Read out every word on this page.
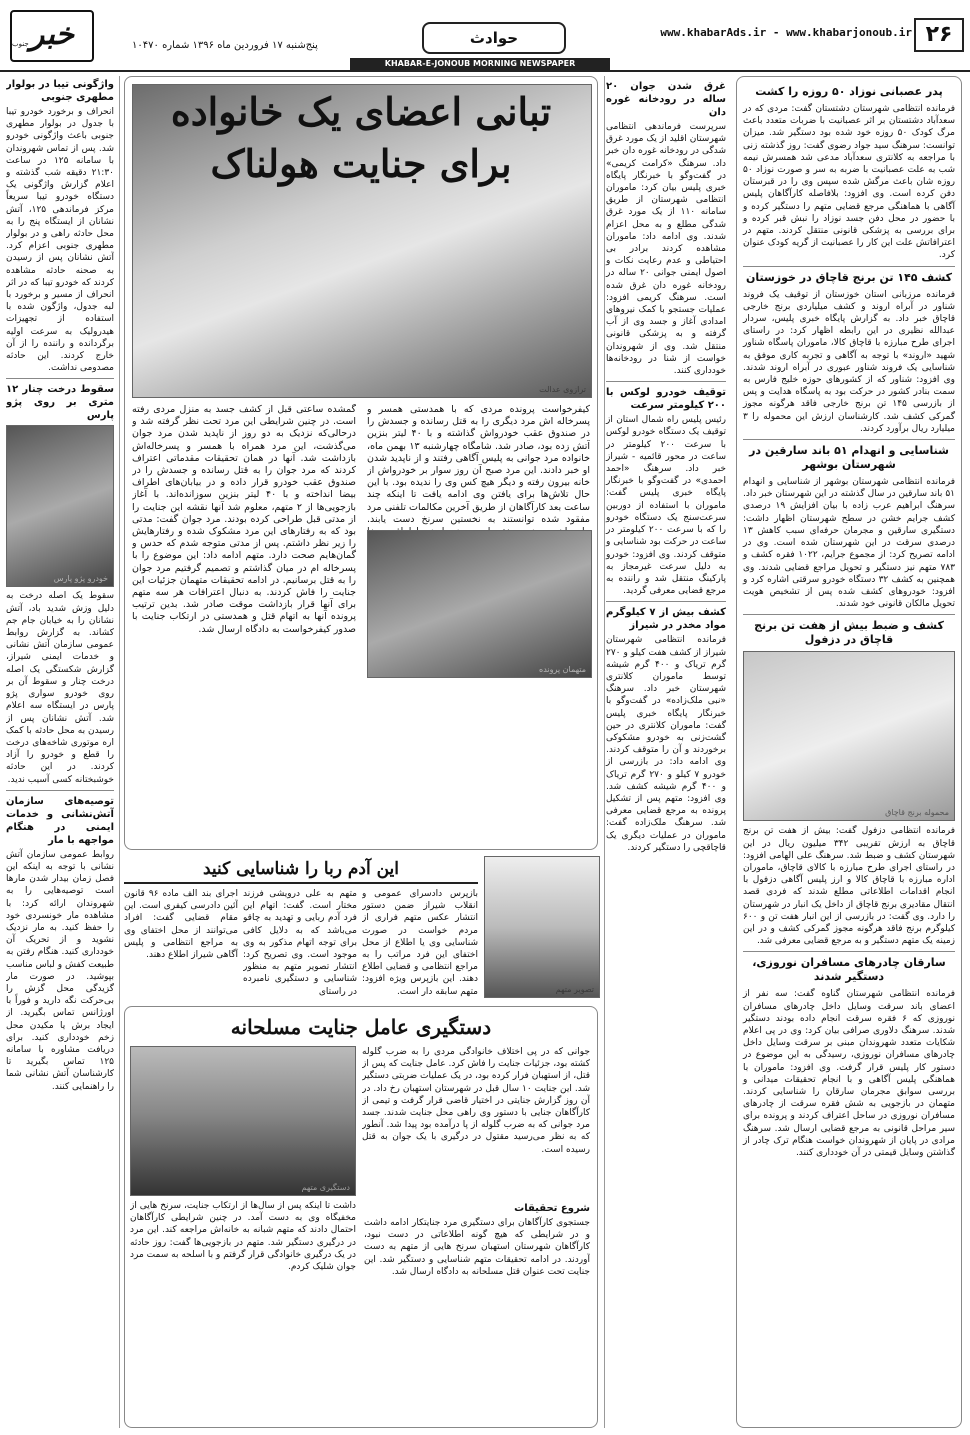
۲۶
www.khabarAds.ir - www.khabarjonoub.ir
حوادث
پنج‌شنبه ۱۷ فروردین ماه ۱۳۹۶ شماره ۱۰۴۷۰
خبر
جنوب
KHABAR-E-JONOUB MORNING NEWSPAPER
پدر عصبانی نوزاد ۵۰ روزه را کشت

فرمانده انتظامی شهرستان دشتستان گفت: مردی که در سعدآباد دشتستان بر اثر عصبانیت با ضربات متعدد باعث مرگ کودک ۵۰ روزه خود شده بود دستگیر شد. میزان توانست: سرهنگ سید جواد رضوی گفت: روز گذشته زنی با مراجعه به کلانتری سعدآباد مدعی شد همسرش نیمه شب به علت عصبانیت با ضربه به سر و صورت نوزاد ۵۰ روزه شان باعث مرگش شده سپس وی را در قبرستان دفن کرده است. وی افزود: بلافاصله کارآگاهان پلیس آگاهی با هماهنگی مرجع قضایی متهم را دستگیر کرده و با حضور در محل دفن جسد نوزاد را نبش قبر کرده و برای بررسی به پزشکی قانونی منتقل کردند. متهم در اعترافاتش علت این کار را عصبانیت از گریه کودک عنوان کرد.

کشف ۱۴۵ تن برنج قاچاق در خوزستان

فرمانده مرزبانی استان خوزستان از توقیف یک فروند شناور در آبراه اروند و کشف میلیاردی برنج خارجی قاچاق خبر داد. به گزارش پایگاه خبری پلیس، سردار عبدالله نظیری در این رابطه اظهار کرد: در راستای اجرای طرح مبارزه با قاچاق کالا، ماموران پاسگاه شناور شهید «اروند» با توجه به آگاهی و تجربه کاری موفق به شناسایی یک فروند شناور عبوری در آبراه اروند شدند. وی افزود: شناور که از کشورهای حوزه خلیج فارس به سمت بنادر کشور در حرکت بود به پاسگاه هدایت و پس از بازرسی ۱۴۵ تن برنج خارجی فاقد هرگونه مجوز گمرکی کشف شد. کارشناسان ارزش این محموله را ۳ میلیارد ریال برآورد کردند.

شناسایی و انهدام ۵۱ باند سارقین در شهرستان بوشهر

فرمانده انتظامی شهرستان بوشهر از شناسایی و انهدام ۵۱ باند سارقین در سال گذشته در این شهرستان خبر داد. سرهنگ ابراهیم عرب زاده با بیان افزایش ۱۹ درصدی کشف جرایم خشن در سطح شهرستان اظهار داشت: دستگیری سارقین و مجرمان حرفه‌ای سبب کاهش ۱۳ درصدی سرقت در این شهرستان شده است. وی در ادامه تصریح کرد: از مجموع جرایم، ۱۰۲۲ فقره کشف و ۷۸۳ متهم نیز دستگیر و تحویل مراجع قضایی شدند. وی همچنین به کشف ۳۲ دستگاه خودرو سرقتی اشاره کرد و افزود: خودروهای کشف شده پس از تشخیص هویت تحویل مالکان قانونی خود شدند.

کشف و ضبط بیش از هفت تن برنج قاچاق در دزفول
محموله برنج قاچاق

فرمانده انتظامی دزفول گفت: بیش از هفت تن برنج قاچاق به ارزش تقریبی ۳۴۲ میلیون ریال در این شهرستان کشف و ضبط شد. سرهنگ علی الهامی افزود: در راستای اجرای طرح مبارزه با کالای قاچاق، ماموران اداره مبارزه با قاچاق کالا و ارز پلیس آگاهی دزفول با انجام اقدامات اطلاعاتی مطلع شدند که فردی قصد انتقال مقادیری برنج قاچاق از داخل یک انبار در شهرستان را دارد. وی گفت: در بازرسی از این انبار هفت تن و ۶۰۰ کیلوگرم برنج فاقد هرگونه مجوز گمرکی کشف و در این زمینه یک متهم دستگیر و به مرجع قضایی معرفی شد.

سارقان چادرهای مسافران نوروزی، دستگیر شدند

فرمانده انتظامی شهرستان گناوه گفت: سه نفر از اعضای باند سرقت وسایل داخل چادرهای مسافران نوروزی که ۶ فقره سرقت انجام داده بودند دستگیر شدند. سرهنگ دلاوری صرافی بیان کرد: وی در پی اعلام شکایات متعدد شهروندان مبنی بر سرقت وسایل داخل چادرهای مسافران نوروزی، رسیدگی به این موضوع در دستور کار پلیس قرار گرفت. وی افزود: ماموران با هماهنگی پلیس آگاهی و با انجام تحقیقات میدانی و بررسی سوابق مجرمان سارقان را شناسایی کردند. متهمان در بازجویی به شش فقره سرقت از چادرهای مسافران نوروزی در ساحل اعتراف کردند و پرونده برای سیر مراحل قانونی به مرجع قضایی ارسال شد. سرهنگ مرادی در پایان از شهروندان خواست هنگام ترک چادر از گذاشتن وسایل قیمتی در آن خودداری کنند.

غرق شدن جوان ۲۰ ساله در رودخانه غوره دان

سرپرست فرماندهی انتظامی شهرستان اقلید از یک مورد غرق شدگی در رودخانه غوره دان خبر داد. سرهنگ «کرامت کریمی» در گفت‌وگو با خبرنگار پایگاه خبری پلیس بیان کرد: ماموران انتظامی شهرستان از طریق سامانه ۱۱۰ از یک مورد غرق شدگی مطلع و به محل اعزام شدند. وی ادامه داد: ماموران مشاهده کردند برادر بی احتیاطی و عدم رعایت نکات و اصول ایمنی جوانی ۲۰ ساله در رودخانه غوره دان غرق شده است. سرهنگ کریمی افزود: عملیات جستجو با کمک نیروهای امدادی آغاز و جسد وی از آب گرفته و به پزشکی قانونی منتقل شد. وی از شهروندان خواست از شنا در رودخانه‌ها خودداری کنند.

توقیف خودرو لوکس با ۲۰۰ کیلومتر سرعت

رئیس پلیس راه شمال استان از توقیف یک دستگاه خودرو لوکس با سرعت ۲۰۰ کیلومتر در ساعت در محور قائمیه - شیراز خبر داد. سرهنگ «احمد احمدی» در گفت‌وگو با خبرنگار پایگاه خبری پلیس گفت: ماموران با استفاده از دوربین سرعت‌سنج یک دستگاه خودرو را که با سرعت ۲۰۰ کیلومتر در ساعت در حرکت بود شناسایی و متوقف کردند. وی افزود: خودرو به دلیل سرعت غیرمجاز به پارکینگ منتقل شد و راننده به مرجع قضایی معرفی گردید.

کشف بیش از ۷ کیلوگرم مواد مخدر در شیراز

فرمانده انتظامی شهرستان شیراز از کشف هفت کیلو و ۲۷۰ گرم تریاک و ۴۰۰ گرم شیشه توسط ماموران کلانتری شهرستان خبر داد. سرهنگ «نبی ملک‌زاده» در گفت‌وگو با خبرنگار پایگاه خبری پلیس گفت: ماموران کلانتری در حین گشت‌زنی به خودرو مشکوکی برخوردند و آن را متوقف کردند. وی ادامه داد: در بازرسی از خودرو ۷ کیلو و ۲۷۰ گرم تریاک و ۴۰۰ گرم شیشه کشف شد. وی افزود: متهم پس از تشکیل پرونده به مرجع قضایی معرفی شد. سرهنگ ملک‌زاده گفت: ماموران در عملیات دیگری یک قاچاقچی را دستگیر کردند.

ترازوی عدالت
تبانی اعضای یک خانواده برای جنایت هولناک

کیفرخواست پرونده مردی که با همدستی همسر و پسرخاله اش مرد دیگری را به قتل رسانده و جسدش را در صندوق عقب خودرواش گذاشته و با ۴۰ لیتر بنزین آتش زده بود، صادر شد. شامگاه چهارشنبه ۱۳ بهمن ماه، خانواده مرد جوانی به پلیس آگاهی رفتند و از ناپدید شدن او خبر دادند. این مرد صبح آن روز سوار بر خودرواش از خانه بیرون رفته و دیگر هیچ کس وی را ندیده بود. با این حال تلاش‌ها برای یافتن وی ادامه یافت تا اینکه چند ساعت بعد کارآگاهان از طریق آخرین مکالمات تلفنی مرد مفقود شده توانستند به نخستین سرنخ دست یابند.

متهمان پرونده

گمشده ساعتی قبل از کشف جسد به منزل مردی رفته است. در چنین شرایطی این مرد تحت نظر گرفته شد و درحالی‌که نزدیک به دو روز از ناپدید شدن مرد جوان می‌گذشت، این مرد همراه با همسر و پسرخاله‌اش بازداشت شد. آنها در همان تحقیقات مقدماتی اعتراف کردند که مرد جوان را به قتل رسانده و جسدش را در صندوق عقب خودرو قرار داده و در بیابان‌های اطراف بیضا انداخته و با ۴۰ لیتر بنزین سوزانده‌اند. با آغاز بازجویی‌ها از ۲ متهم، معلوم شد آنها نقشه این جنایت را از مدتی قبل طراحی کرده بودند. مرد جوان گفت: مدتی بود که به رفتارهای این مرد مشکوک شده و رفتارهایش را زیر نظر داشتم. پس از مدتی متوجه شدم که حدس و گمان‌هایم صحت دارد. متهم ادامه داد: این موضوع را با پسرخاله ام در میان گذاشتم و تصمیم گرفتیم مرد جوان را به قتل برسانیم. در ادامه تحقیقات متهمان جزئیات این جنایت را فاش کردند. به دنبال اعترافات هر سه متهم برای آنها قرار بازداشت موقت صادر شد. بدین ترتیب پرونده آنها به اتهام قتل و همدستی در ارتکاب جنایت با صدور کیفرخواست به دادگاه ارسال شد.

این آدم ربا را شناسایی کنید
تصویر متهم

بازپرس دادسرای عمومی و انقلاب شیراز ضمن دستور انتشار عکس متهم فراری از مردم خواست در صورت شناسایی وی یا اطلاع از محل اختفای این فرد مراتب را به مراجع انتظامی و قضایی اطلاع دهند. این بازپرس ویژه افزود: متهم سابقه دار است.

متهم به علی درویشی فرزند مختار است. گفت: اتهام این فرد آدم ربایی و تهدید به چاقو می‌باشد که به دلایل کافی برای توجه اتهام مذکور به وی موجود است. وی تصریح کرد: انتشار تصویر متهم به منظور شناسایی و دستگیری نامبرده در راستای

اجرای بند الف ماده ۹۶ قانون آئین دادرسی کیفری است. این مقام قضایی گفت: افراد می‌توانند از محل اختفای وی به مراجع انتظامی و پلیس آگاهی شیراز اطلاع دهند.

دستگیری عامل جنایت مسلحانه
دستگیری متهم

جوانی که در پی اختلاف خانوادگی مردی را به ضرب گلوله کشته بود، جزئیات جنایت را فاش کرد. عامل جنایت که پس از قتل، از استهبان فرار کرده بود، در یک عملیات ضربتی دستگیر شد. این جنایت ۱۰ سال قبل در شهرستان استهبان رخ داد. در آن روز گزارش جنایتی در اختیار قاضی قرار گرفت و تیمی از کارآگاهان جنایی با دستور وی راهی محل جنایت شدند. جسد مرد جوانی که به ضرب گلوله از پا درآمده بود پیدا شد. آنطور که به نظر می‌رسید مقتول در درگیری با یک جوان به قتل رسیده است.

شروع تحقیقات

جستجوی کارآگاهان برای دستگیری مرد جنایتکار ادامه داشت و در شرایطی که هیچ گونه اطلاعاتی در دست نبود، کارآگاهان شهرستان استهبان سرنخ هایی از متهم به دست آوردند. در ادامه تحقیقات متهم شناسایی و دستگیر شد. این جنایت تحت عنوان قتل مسلحانه به دادگاه ارسال شد.

داشت تا اینکه پس از سال‌ها از ارتکاب جنایت، سرنخ هایی از مخفیگاه وی به دست آمد. در چنین شرایطی کارآگاهان احتمال دادند که متهم شبانه به خانه‌اش مراجعه کند. این مرد در درگیری دستگیر شد. متهم در بازجویی‌ها گفت: روز حادثه در یک درگیری خانوادگی قرار گرفتم و با اسلحه به سمت مرد جوان شلیک کردم.

واژگونی تیبا در بولوار مطهری جنوبی

انحراف و برخورد خودرو تیبا با جدول در بولوار مطهری جنوبی باعث واژگونی خودرو شد. پس از تماس شهروندان با سامانه ۱۲۵ در ساعت ۲۱:۳۰ دقیقه شب گذشته و اعلام گزارش واژگونی یک دستگاه خودرو تیبا سریعاً مرکز فرماندهی ۱۲۵، آتش نشانان از ایستگاه پنج را به محل حادثه راهی و در بولوار مطهری جنوبی اعزام کرد. آتش نشانان پس از رسیدن به صحنه حادثه مشاهده کردند که خودرو تیبا که در اثر انحراف از مسیر و برخورد با لبه جدول، واژگون شده با استفاده از تجهیزات هیدرولیک به سرعت اولیه برگردانده و راننده را از آن خارج کردند. این حادثه مصدومی نداشت.

سقوط درخت چنار ۱۲ متری بر روی پژو پارس
خودرو پژو پارس

سقوط یک اصله درخت به دلیل وزش شدید باد، آتش نشانان را به خیابان جام جم کشاند. به گزارش روابط عمومی سازمان آتش نشانی و خدمات ایمنی شیراز، گزارش شکستگی یک اصله درخت چنار و سقوط آن بر روی خودرو سواری پژو پارس در ایستگاه سه اعلام شد. آتش نشانان پس از رسیدن به محل حادثه با کمک اره موتوری شاخه‌های درخت را قطع و خودرو را آزاد کردند. در این حادثه خوشبختانه کسی آسیب ندید.

توصیه‌های سازمان آتش‌نشانی و خدمات ایمنی در هنگام مواجهه با مار

روابط عمومی سازمان آتش نشانی با توجه به اینکه این فصل زمان بیدار شدن مارها است توصیه‌هایی را به شهروندان ارائه کرد: با مشاهده مار خونسردی خود را حفظ کنید. به مار نزدیک نشوید و از تحریک آن خودداری کنید. هنگام رفتن به طبیعت کفش و لباس مناسب بپوشید. در صورت مار گزیدگی محل گزش را بی‌حرکت نگه دارید و فوراً با اورژانس تماس بگیرید. از ایجاد برش یا مکیدن محل زخم خودداری کنید. برای دریافت مشاوره با سامانه ۱۲۵ تماس بگیرید تا کارشناسان آتش نشانی شما را راهنمایی کنند.
